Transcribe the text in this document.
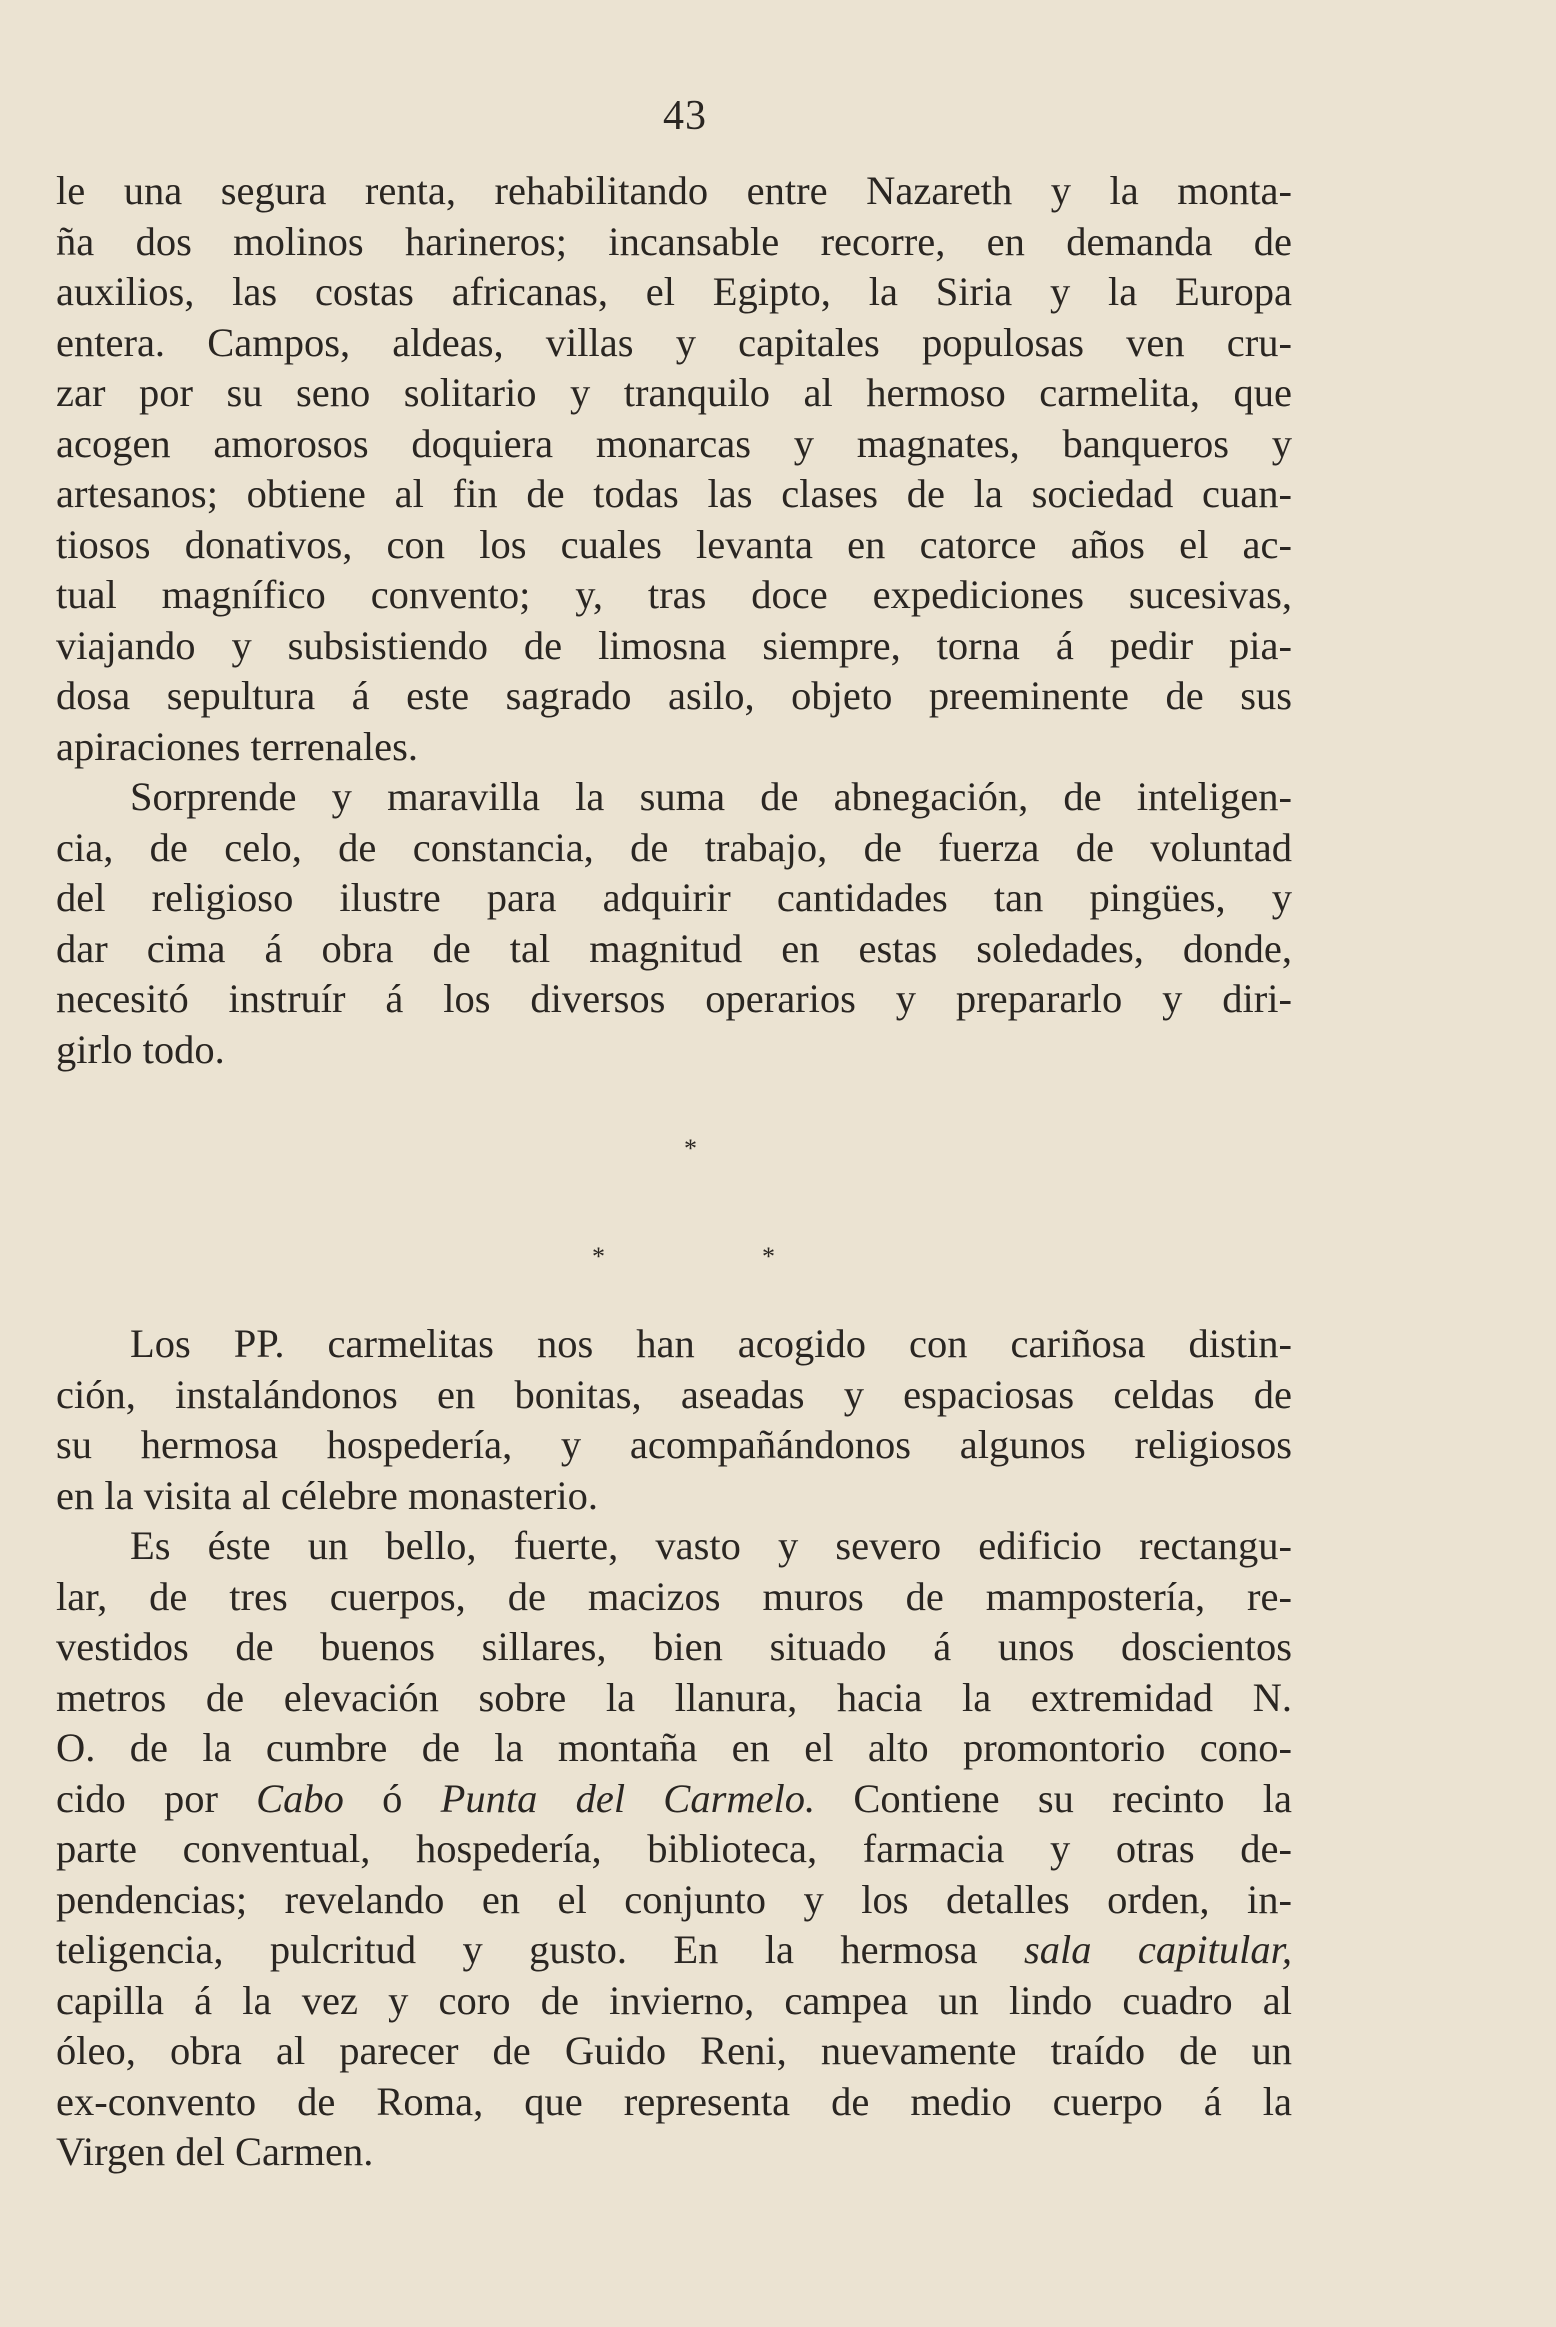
43
le una segura renta, rehabilitando entre Nazareth y la monta-
ña dos molinos harineros; incansable recorre, en demanda de
auxilios, las costas africanas, el Egipto, la Siria y la Europa
entera. Campos, aldeas, villas y capitales populosas ven cru-
zar por su seno solitario y tranquilo al hermoso carmelita, que
acogen amorosos doquiera monarcas y magnates, banqueros y
artesanos; obtiene al fin de todas las clases de la sociedad cuan-
tiosos donativos, con los cuales levanta en catorce años el ac-
tual magnífico convento; y, tras doce expediciones sucesivas,
viajando y subsistiendo de limosna siempre, torna á pedir pia-
dosa sepultura á este sagrado asilo, objeto preeminente de sus
apiraciones terrenales.
Sorprende y maravilla la suma de abnegación, de inteligen-
cia, de celo, de constancia, de trabajo, de fuerza de voluntad
del religioso ilustre para adquirir cantidades tan pingües, y
dar cima á obra de tal magnitud en estas soledades, donde,
necesitó instruír á los diversos operarios y prepararlo y diri-
girlo todo.
*
*	*
Los PP. carmelitas nos han acogido con cariñosa distin-
ción, instalándonos en bonitas, aseadas y espaciosas celdas de
su hermosa hospedería, y acompañándonos algunos religiosos
en la visita al célebre monasterio.
Es éste un bello, fuerte, vasto y severo edificio rectangu-
lar, de tres cuerpos, de macizos muros de mampostería, re-
vestidos de buenos sillares, bien situado á unos doscientos
metros de elevación sobre la llanura, hacia la extremidad N.
O. de la cumbre de la montaña en el alto promontorio cono-
cido por Cabo ó Punta del Carmelo. Contiene su recinto la
parte conventual, hospedería, biblioteca, farmacia y otras de-
pendencias; revelando en el conjunto y los detalles orden, in-
teligencia, pulcritud y gusto. En la hermosa sala capitular,
capilla á la vez y coro de invierno, campea un lindo cuadro al
óleo, obra al parecer de Guido Reni, nuevamente traído de un
ex-convento de Roma, que representa de medio cuerpo á la
Virgen del Carmen.
